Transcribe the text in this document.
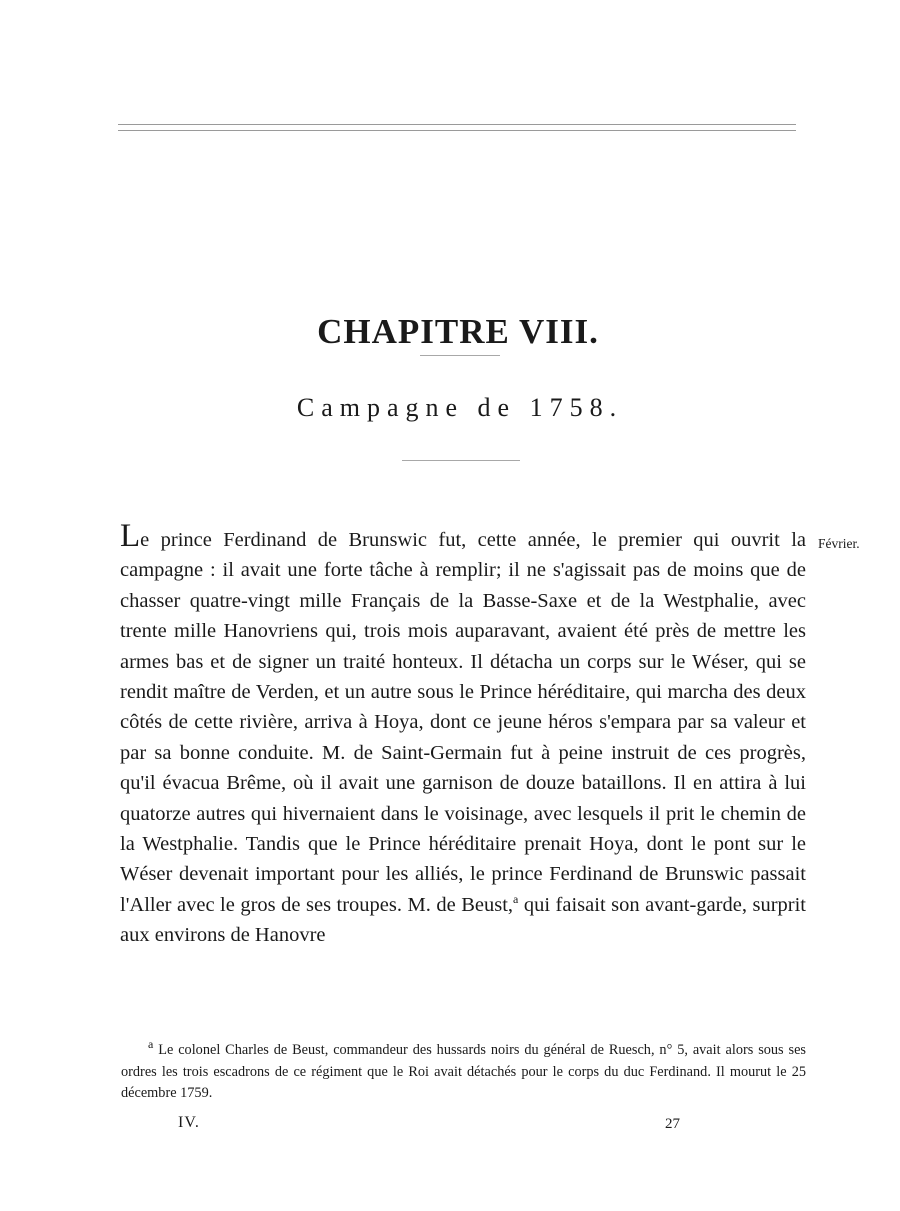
CHAPITRE VIII.
Campagne de 1758.
Février.

Le prince Ferdinand de Brunswic fut, cette année, le premier qui ouvrit la campagne : il avait une forte tâche à remplir; il ne s'agissait pas de moins que de chasser quatre-vingt mille Français de la Basse-Saxe et de la Westphalie, avec trente mille Hanovriens qui, trois mois auparavant, avaient été près de mettre les armes bas et de signer un traité honteux. Il détacha un corps sur le Wéser, qui se rendit maître de Verden, et un autre sous le Prince héréditaire, qui marcha des deux côtés de cette rivière, arriva à Hoya, dont ce jeune héros s'empara par sa valeur et par sa bonne conduite. M. de Saint-Germain fut à peine instruit de ces progrès, qu'il évacua Brême, où il avait une garnison de douze bataillons. Il en attira à lui quatorze autres qui hivernaient dans le voisinage, avec lesquels il prit le chemin de la Westphalie. Tandis que le Prince héréditaire prenait Hoya, dont le pont sur le Wéser devenait important pour les alliés, le prince Ferdinand de Brunswic passait l'Aller avec le gros de ses troupes. M. de Beust,$^a$ qui faisait son avant-garde, surprit aux environs de Hanovre

$^a$ Le colonel Charles de Beust, commandeur des hussards noirs du général de Ruesch, n° 5, avait alors sous ses ordres les trois escadrons de ce régiment que le Roi avait détachés pour le corps du duc Ferdinand. Il mourut le 25 décembre 1759.

IV.	27
